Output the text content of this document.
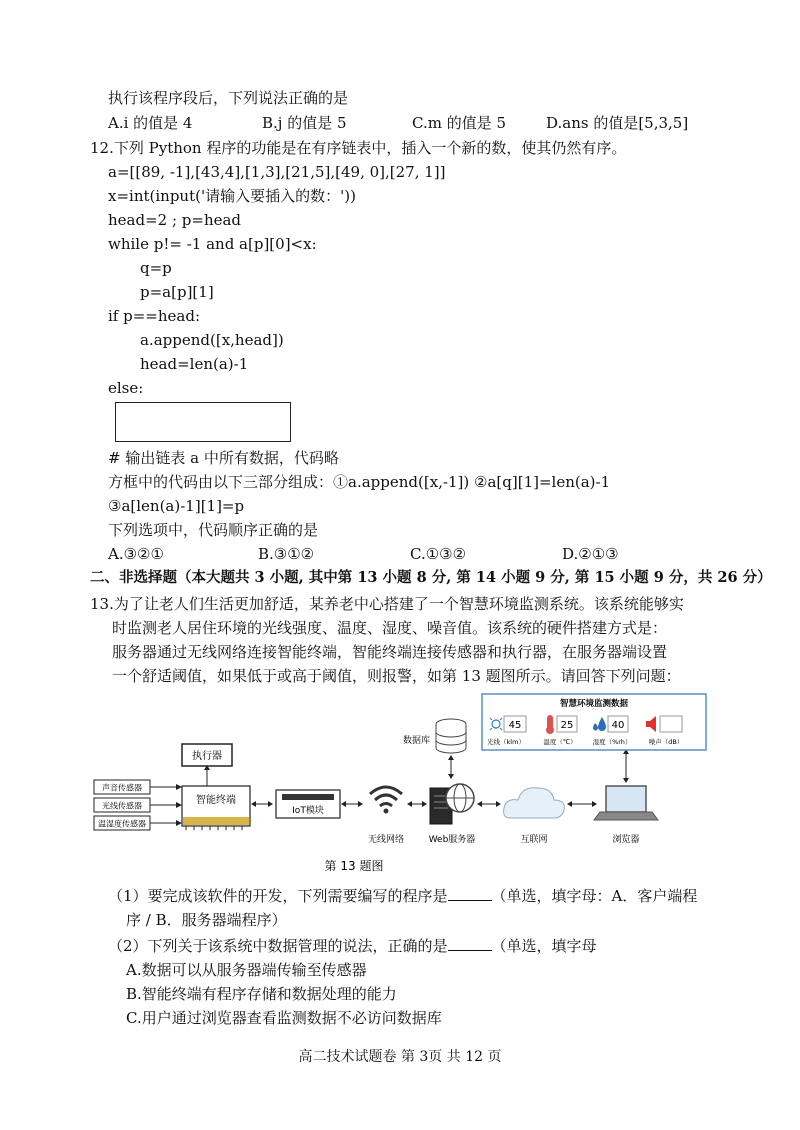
执行该程序段后，下列说法正确的是
A.i 的值是 4	B.j 的值是 5	C.m 的值是 5	D.ans 的值是[5,3,5]
12.下列 Python 程序的功能是在有序链表中，插入一个新的数，使其仍然有序。
a=[[89, -1],[43,4],[1,3],[21,5],[49, 0],[27, 1]]
x=int(input('请输入要插入的数：'))
head=2 ; p=head
while p!= -1 and a[p][0]<x:
q=p
p=a[p][1]
if p==head:
a.append([x,head])
head=len(a)-1
else:
# 输出链表 a 中所有数据，代码略
方框中的代码由以下三部分组成：①a.append([x,-1]) ②a[q][1]=len(a)-1
③a[len(a)-1][1]=p
下列选项中，代码顺序正确的是
A.③②①	B.③①②	C.①③②	D.②①③
二、非选择题（本大题共 3 小题, 其中第 13 小题 8 分, 第 14 小题 9 分, 第 15 小题 9 分，共 26 分）
13.为了让老人们生活更加舒适，某养老中心搭建了一个智慧环境监测系统。该系统能够实
时监测老人居住环境的光线强度、温度、湿度、噪音值。该系统的硬件搭建方式是：
服务器通过无线网络连接智能终端，智能终端连接传感器和执行器，在服务器端设置
一个舒适阈值，如果低于或高于阈值，则报警，如第 13 题图所示。请回答下列问题：
声音传感器
光线传感器
温湿度传感器
智能终端
执行器
IoT模块
无线网络
数据库
Web服务器	互联网	浏览器
智慧环境监测数据
45
光线（klm）
25
温度（℃）
40
湿度（%rh）	噪声（dB）
第 13 题图
（1）要完成该软件的开发，下列需要编写的程序是	（单选，填字母：A．客户端程
序 / B．服务器端程序）
（2）下列关于该系统中数据管理的说法，正确的是	（单选，填字母
A.数据可以从服务器端传输至传感器
B.智能终端有程序存储和数据处理的能力
C.用户通过浏览器查看监测数据不必访问数据库
高二技术试题卷 第 3页 共 12 页
